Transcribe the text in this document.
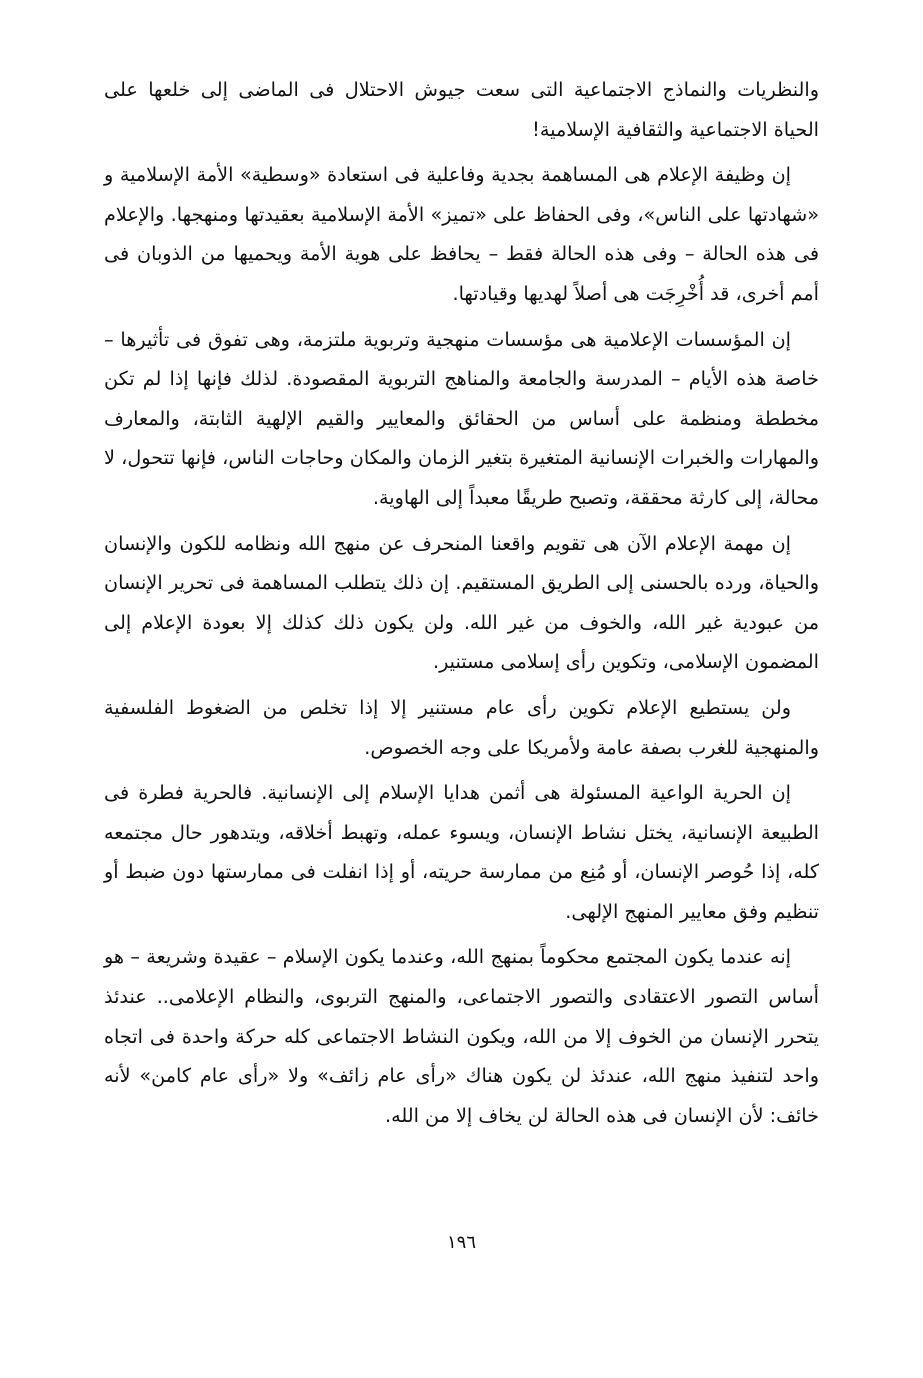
والنظريات والنماذج الاجتماعية التى سعت جيوش الاحتلال فى الماضى إلى خلعها على الحياة الاجتماعية والثقافية الإسلامية!

إن وظيفة الإعلام هى المساهمة بجدية وفاعلية فى استعادة «وسطية» الأمة الإسلامية و «شهادتها على الناس»، وفى الحفاظ على «تميز» الأمة الإسلامية بعقيدتها ومنهجها. والإعلام فى هذه الحالة – وفى هذه الحالة فقط – يحافظ على هوية الأمة ويحميها من الذوبان فى أمم أخرى، قد أُخْرِجَت هى أصلاً لهديها وقيادتها.

إن المؤسسات الإعلامية هى مؤسسات منهجية وتربوية ملتزمة، وهى تفوق فى تأثيرها – خاصة هذه الأيام – المدرسة والجامعة والمناهج التربوية المقصودة. لذلك فإنها إذا لم تكن مخططة ومنظمة على أساس من الحقائق والمعايير والقيم الإلهية الثابتة، والمعارف والمهارات والخبرات الإنسانية المتغيرة بتغير الزمان والمكان وحاجات الناس، فإنها تتحول، لا محالة، إلى كارثة محققة، وتصبح طريقًا معبداً إلى الهاوية.

إن مهمة الإعلام الآن هى تقويم واقعنا المنحرف عن منهج الله ونظامه للكون والإنسان والحياة، ورده بالحسنى إلى الطريق المستقيم. إن ذلك يتطلب المساهمة فى تحرير الإنسان من عبودية غير الله، والخوف من غير الله. ولن يكون ذلك كذلك إلا بعودة الإعلام إلى المضمون الإسلامى، وتكوين رأى إسلامى مستنير.

ولن يستطيع الإعلام تكوين رأى عام مستنير إلا إذا تخلص من الضغوط الفلسفية والمنهجية للغرب بصفة عامة ولأمريكا على وجه الخصوص.

إن الحرية الواعية المسئولة هى أثمن هدايا الإسلام إلى الإنسانية. فالحرية فطرة فى الطبيعة الإنسانية، يختل نشاط الإنسان، ويسوء عمله، وتهبط أخلاقه، ويتدهور حال مجتمعه كله، إذا حُوصر الإنسان، أو مُنِع من ممارسة حريته، أو إذا انفلت فى ممارستها دون ضبط أو تنظيم وفق معايير المنهج الإلهى.

إنه عندما يكون المجتمع محكوماً بمنهج الله، وعندما يكون الإسلام – عقيدة وشريعة – هو أساس التصور الاعتقادى والتصور الاجتماعى، والمنهج التربوى، والنظام الإعلامى.. عندئذ يتحرر الإنسان من الخوف إلا من الله، ويكون النشاط الاجتماعى كله حركة واحدة فى اتجاه واحد لتنفيذ منهج الله، عندئذ لن يكون هناك «رأى عام زائف» ولا «رأى عام كامن» لأنه خائف: لأن الإنسان فى هذه الحالة لن يخاف إلا من الله.

١٩٦
